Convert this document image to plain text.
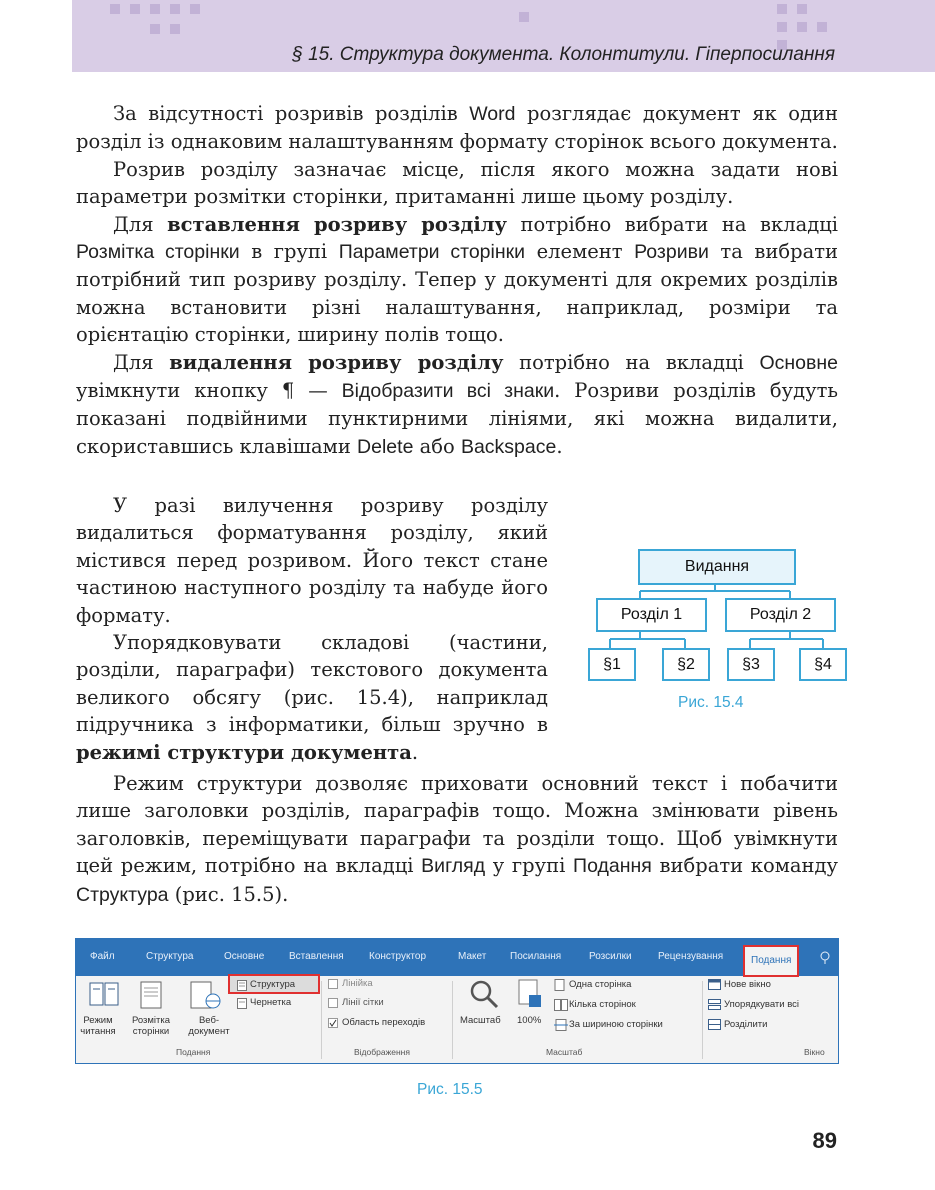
§ 15. Структура документа. Колонтитули. Гіперпосилання

За відсутності розривів розділів Word розглядає документ як один розділ із однаковим налаштуванням формату сторінок всього документа.

Розрив розділу зазначає місце, після якого можна задати нові параметри розмітки сторінки, притаманні лише цьому розділу.

Для вставлення розриву розділу потрібно вибрати на вкладці Розмітка сторінки в групі Параметри сторінки елемент Розриви та вибрати потрібний тип розриву розділу. Тепер у документі для окремих розділів можна встановити різні налаштування, наприклад, розміри та орієнтацію сторінки, ширину полів тощо.

Для видалення розриву розділу потрібно на вкладці Основне увімкнути кнопку ¶ — Відобразити всі знаки. Розриви розділів будуть показані подвійними пунктирними лініями, які можна видалити, скориставшись клавішами Delete або Backspace.

У разі вилучення розриву розділу видалиться форматування розділу, який містився перед розривом. Його текст стане частиною наступного розділу та набуде його формату.

Упорядковувати складові (частини, розділи, параграфи) текстового документа великого обсягу (рис. 15.4), наприклад підручника з інформатики, більш зручно в режимі структури документа.

Видання
Розділ 1	Розділ 2
§1	§2	§3	§4
Рис. 15.4

Режим структури дозволяє приховати основний текст і побачити лише заголовки розділів, параграфів тощо. Можна змінювати рівень заголовків, переміщувати параграфи та розділи тощо. Щоб увімкнути цей режим, потрібно на вкладці Вигляд у групі Подання вибрати команду Структура (рис. 15.5).

Файл	Структура	Основне Вставлення	Конструктор	Макет Посилання	Розсилки	Рецензування	Подання
Режим читання
Розмітка сторінки
Веб-документ
Структура
Чернетка
Подання
Лінійка
Лінії сітки
Область переходів
Відображення
Масштаб 100%
Одна сторінка
Кілька сторінок
За шириною сторінки
Масштаб
Нове вікно
Упорядкувати всі
Розділити
Вікно
Рис. 15.5
89
